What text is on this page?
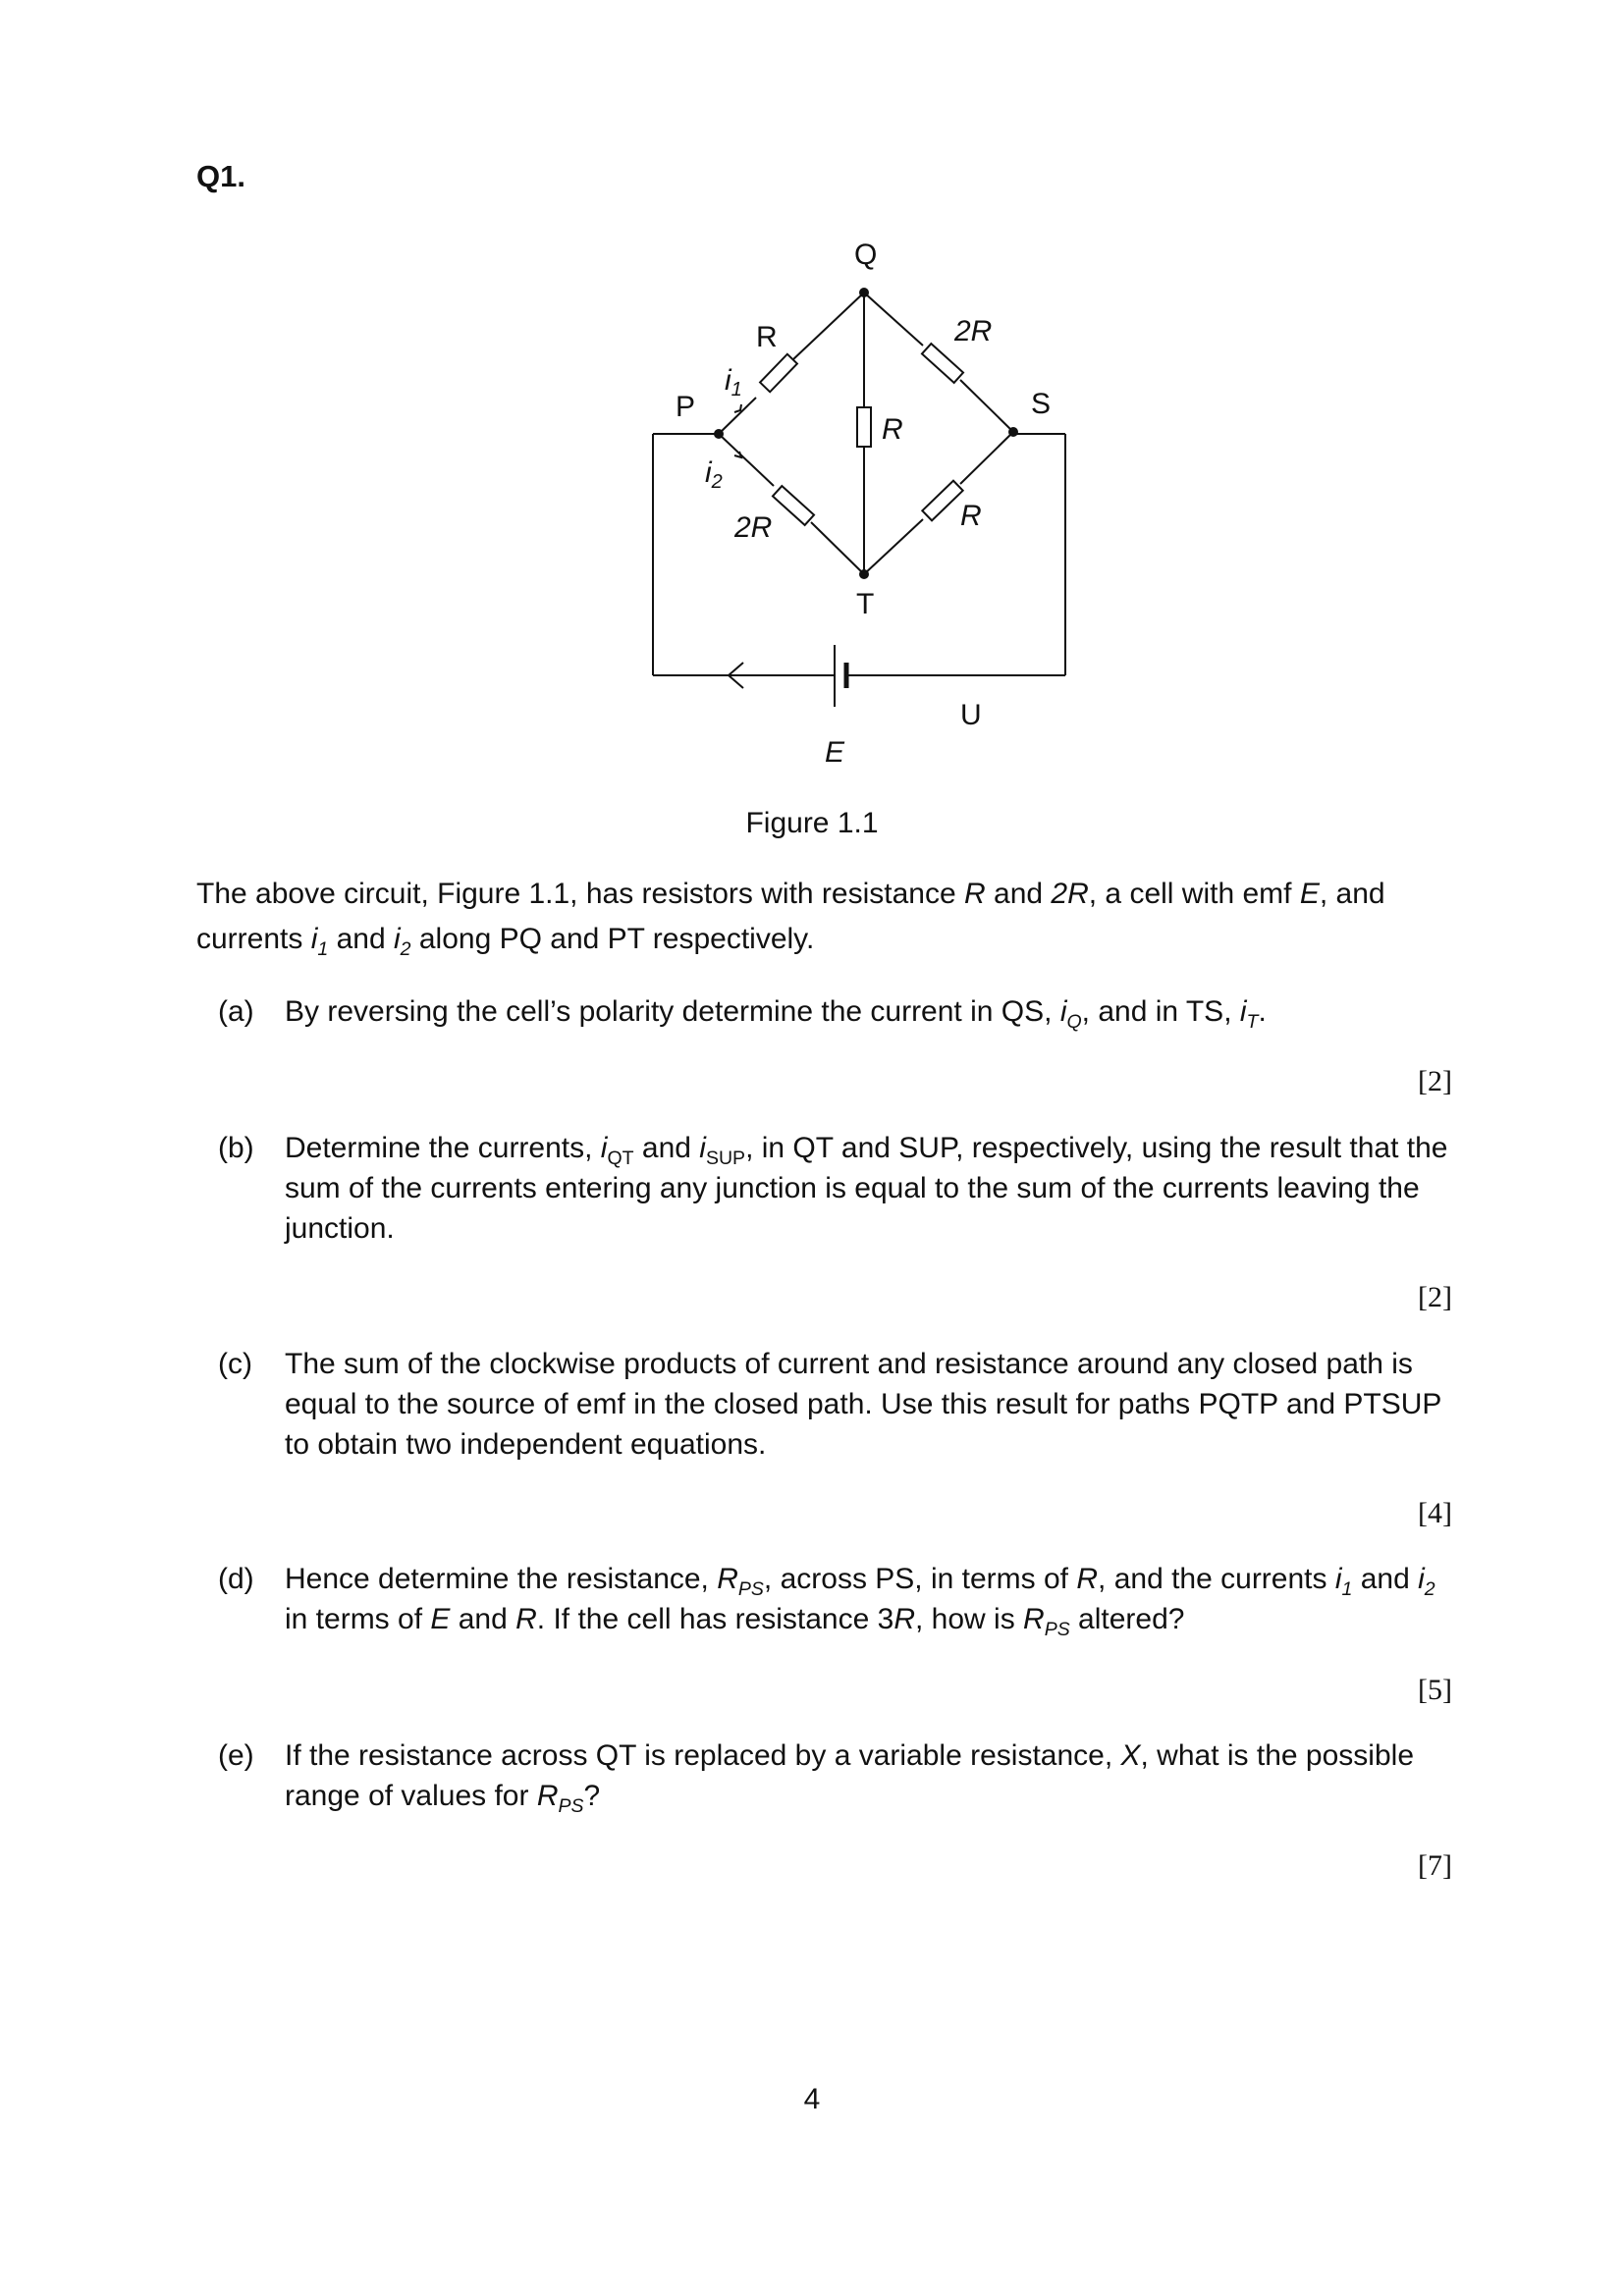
Q1.
Q
P	S
T
U
R	2R
R
2R	R
$i_1$
$i_2$
E
Figure 1.1
The above circuit, Figure 1.1, has resistors with resistance R and 2R, a cell with emf E, and currents $i_1$ and $i_2$ along PQ and PT respectively.
(a)	By reversing the cell’s polarity determine the current in QS, $i_Q$, and in TS, $i_T$.
[2]
(b)	Determine the currents, $i_{QT}$ and $i_{SUP}$, in QT and SUP, respectively, using the result that the sum of the currents entering any junction is equal to the sum of the currents leaving the junction.
[2]
(c)	The sum of the clockwise products of current and resistance around any closed path is equal to the source of emf in the closed path. Use this result for paths PQTP and PTSUP to obtain two independent equations.
[4]
(d)	Hence determine the resistance, $R_{PS}$, across PS, in terms of R, and the currents $i_1$ and $i_2$ in terms of E and R. If the cell has resistance 3R, how is $R_{PS}$ altered?
[5]
(e)	If the resistance across QT is replaced by a variable resistance, X, what is the possible range of values for $R_{PS}$?
[7]
4
